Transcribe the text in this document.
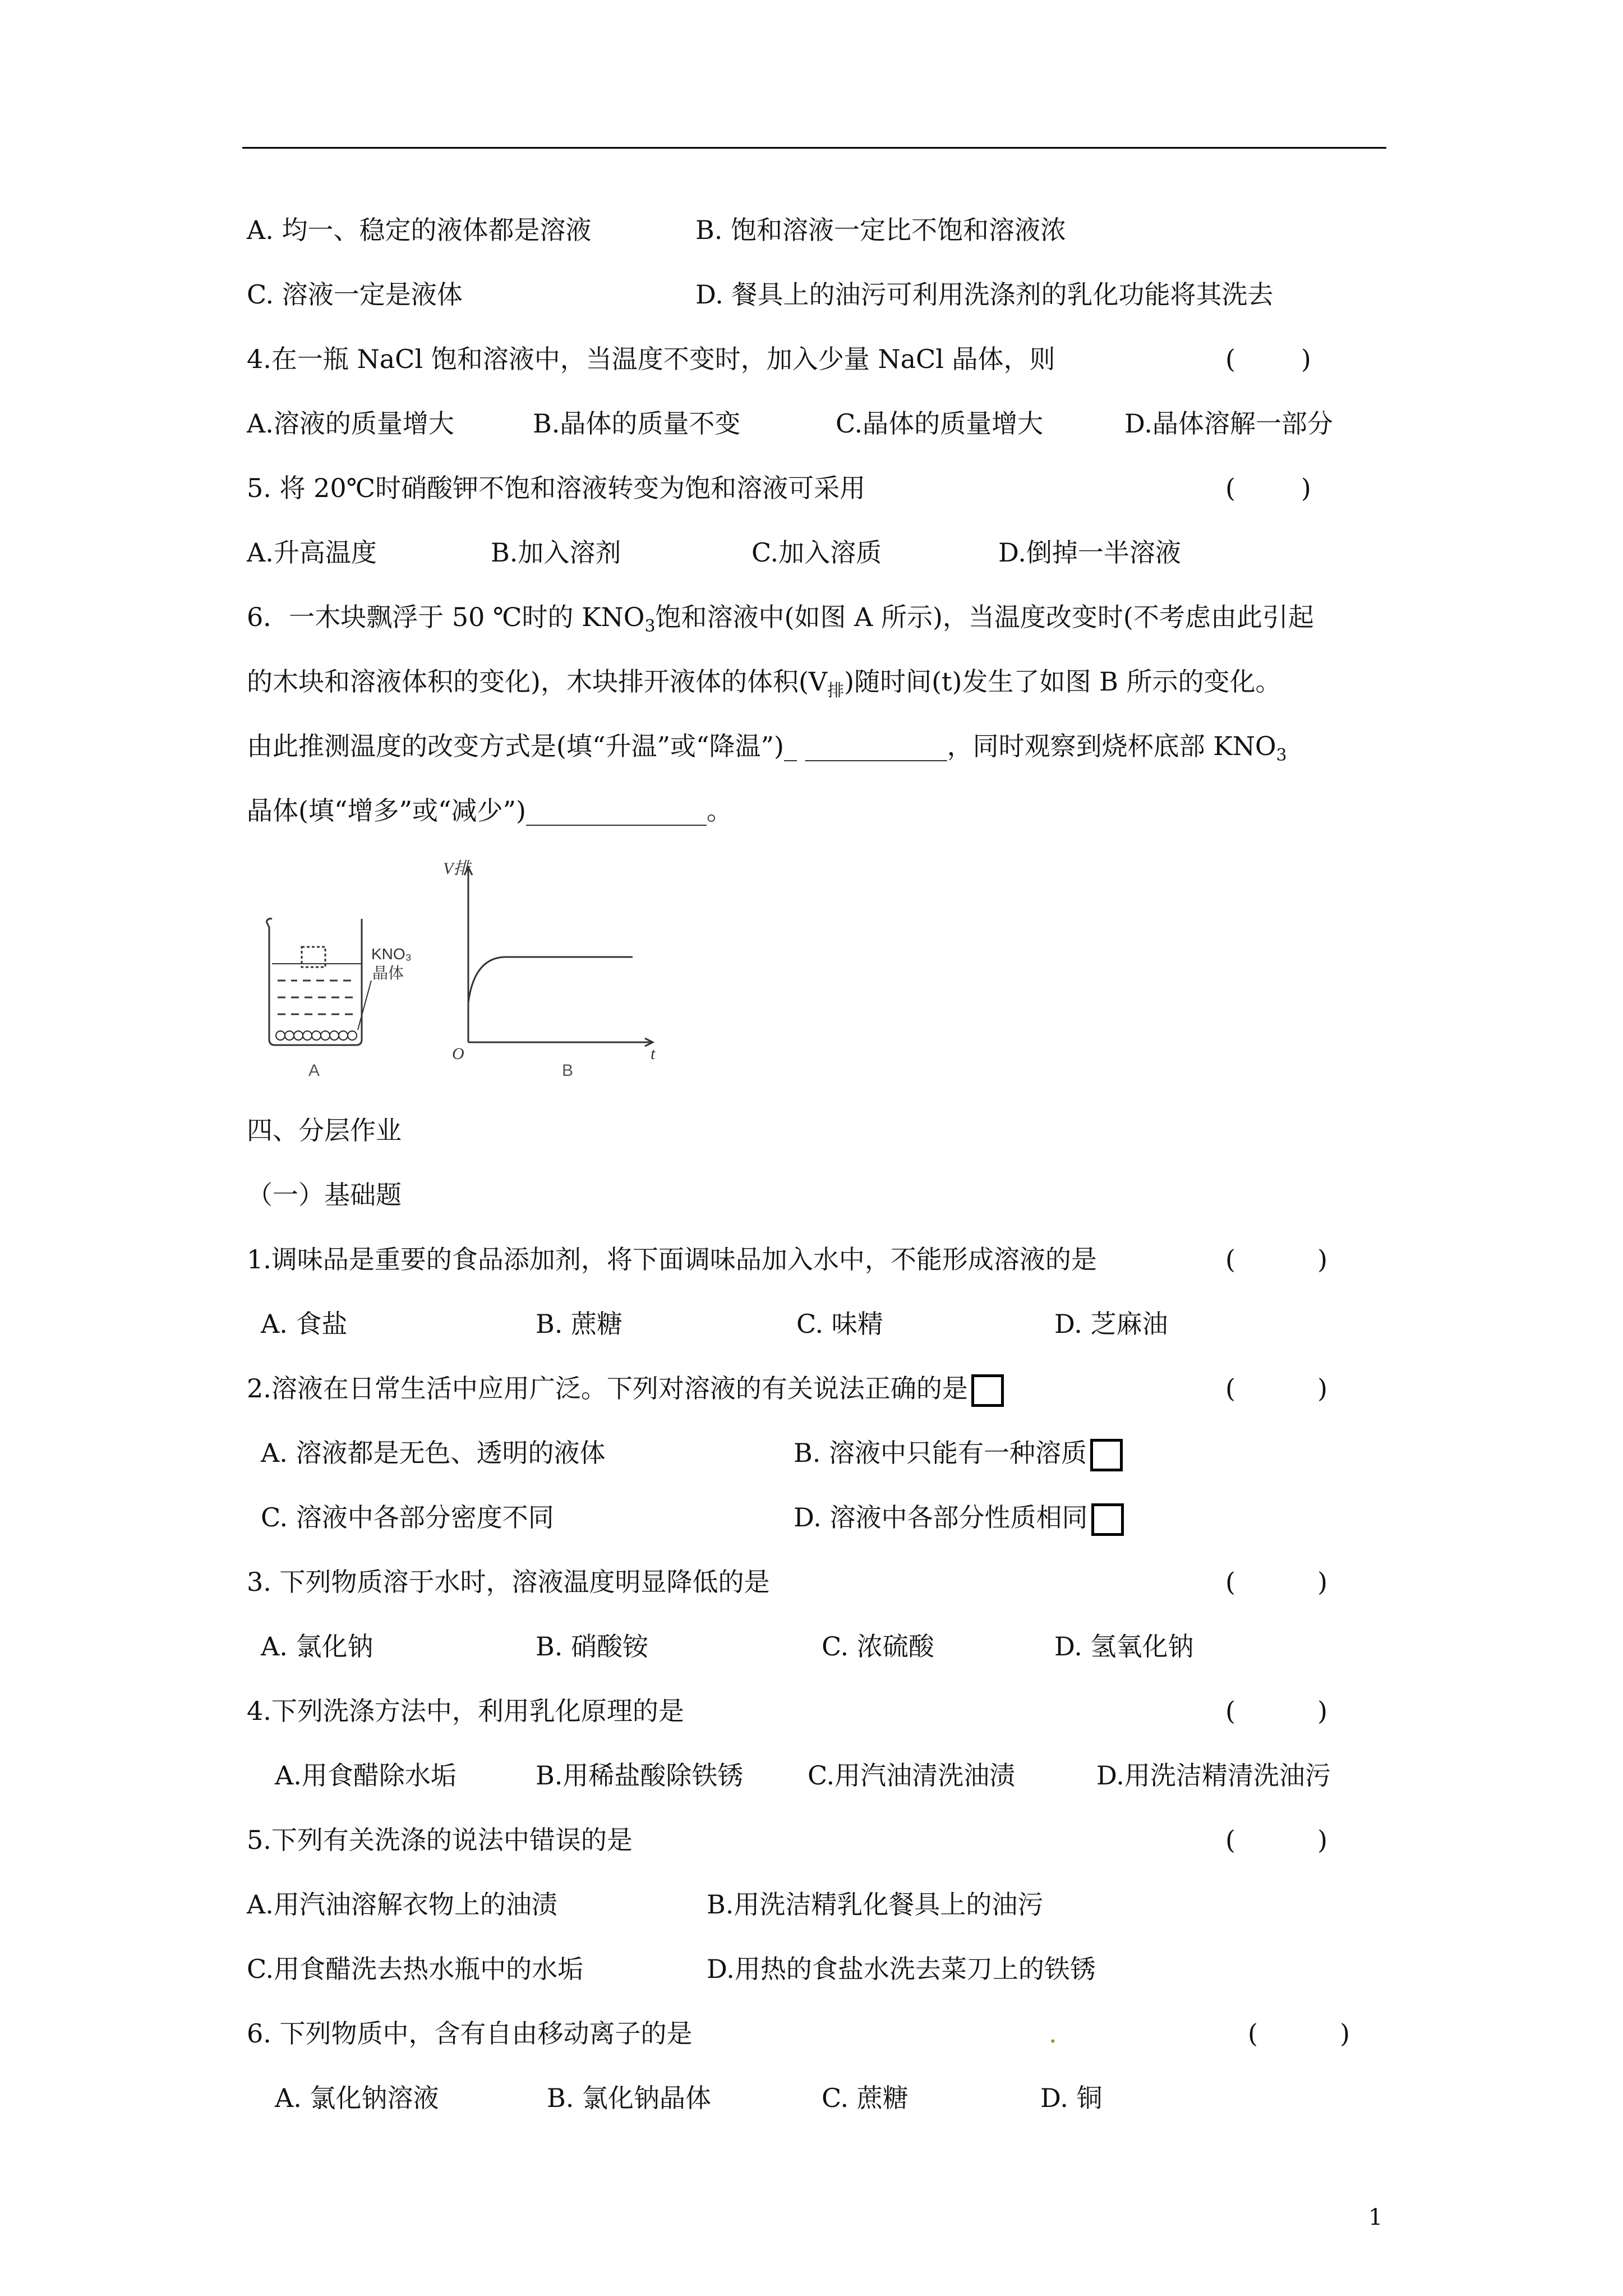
A. 均一、稳定的液体都是溶液	B. 饱和溶液一定比不饱和溶液浓
C. 溶液一定是液体	D. 餐具上的油污可利用洗涤剂的乳化功能将其洗去
4.在一瓶 NaCl 饱和溶液中，当温度不变时，加入少量 NaCl 晶体，则	(        )
A.溶液的质量增大	B.晶体的质量不变	C.晶体的质量增大	D.晶体溶解一部分
5. 将 20℃时硝酸钾不饱和溶液转变为饱和溶液可采用	(        )
A.升高温度	B.加入溶剂	C.加入溶质	D.倒掉一半溶液
6．一木块飘浮于 50 ℃时的 $KNO_3$饱和溶液中(如图 A 所示)，当温度改变时(不考虑由此引起
的木块和溶液体积的变化)，木块排开液体的体积$(V_排)$随时间(t)发生了如图 B 所示的变化。
由此推测温度的改变方式是(填“升温”或“降温”)_ ___________，同时观察到烧杯底部 $KNO_3$
晶体(填“增多”或“减少”)______________。
KNO₃
晶体
A
V排
t
O
B
四、分层作业
（一）基础题
1.调味品是重要的食品添加剂，将下面调味品加入水中，不能形成溶液的是	(          )
A. 食盐	B. 蔗糖	C. 味精	D. 芝麻油
2.溶液在日常生活中应用广泛。下列对溶液的有关说法正确的是	(          )
A. 溶液都是无色、透明的液体	B. 溶液中只能有一种溶质
C. 溶液中各部分密度不同	D. 溶液中各部分性质相同
3. 下列物质溶于水时，溶液温度明显降低的是	(          )
A. 氯化钠	B. 硝酸铵	C. 浓硫酸	D. 氢氧化钠
4.下列洗涤方法中，利用乳化原理的是	(          )
A.用食醋除水垢	B.用稀盐酸除铁锈 C.用汽油清洗油渍	D.用洗洁精清洗油污
5.下列有关洗涤的说法中错误的是	(          )
A.用汽油溶解衣物上的油渍	B.用洗洁精乳化餐具上的油污
C.用食醋洗去热水瓶中的水垢	D.用热的食盐水洗去菜刀上的铁锈
6. 下列物质中，含有自由移动离子的是	.	(          )
A. 氯化钠溶液	B. 氯化钠晶体	C. 蔗糖	D. 铜
1
